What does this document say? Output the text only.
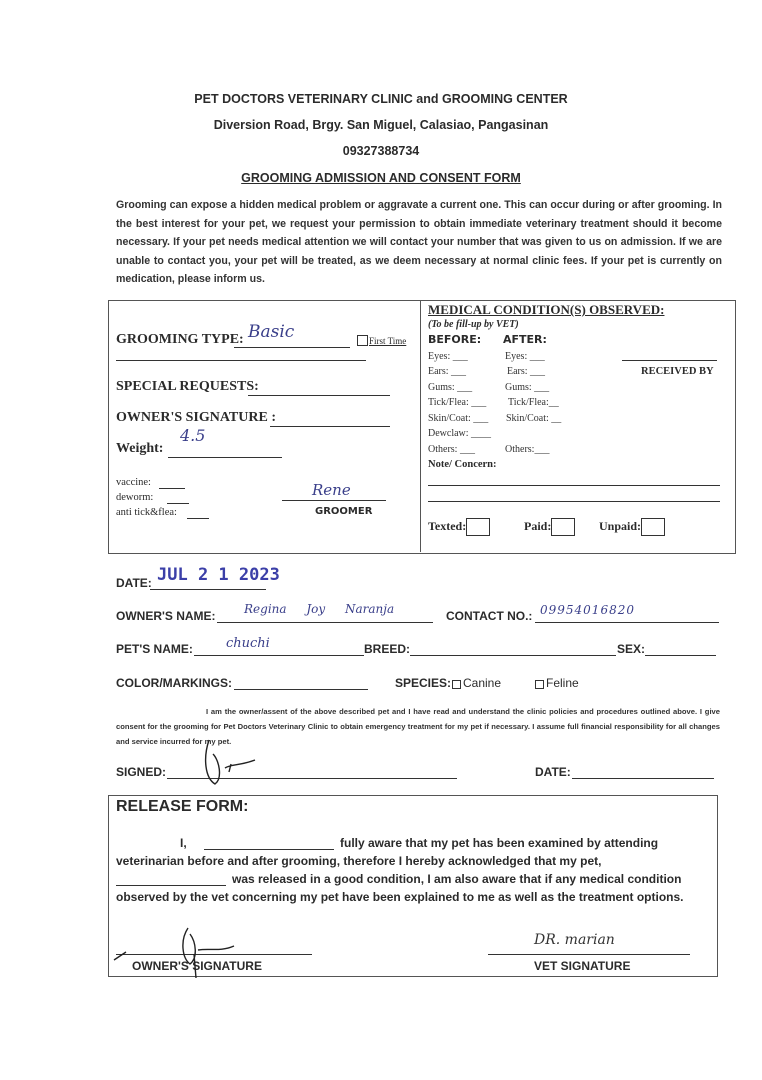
PET DOCTORS VETERINARY CLINIC and GROOMING CENTER
Diversion Road, Brgy. San Miguel, Calasiao, Pangasinan
09327388734
GROOMING ADMISSION AND CONSENT FORM
Grooming can expose a hidden medical problem or aggravate a current one. This can occur during or after grooming. In the best interest for your pet, we request your permission to obtain immediate veterinary treatment should it become necessary. If your pet needs medical attention we will contact your number that was given to us on admission. If we are unable to contact you, your pet will be treated, as we deem necessary at normal clinic fees. If your pet is currently on medication, please inform us.
GROOMING TYPE: Basic	First Time
SPECIAL REQUESTS:
OWNER'S SIGNATURE :
Weight:
4.5
vaccine:
deworm:
anti tick&flea:
Rene
GROOMER
MEDICAL CONDITION(S) OBSERVED:
(To be fill-up by VET)
BEFORE: AFTER:
Eyes: ___	Eyes: ___
Ears: ___	Ears: ___
Gums: ___	Gums: ___
Tick/Flea: ___ Tick/Flea:__
Skin/Coat: ___ Skin/Coat: __
Dewclaw: ____
Others: ___	Others:___
Note/ Concern:
RECEIVED BY
Texted:	Paid:	Unpaid:
DATE: JUL 2 1 2023
OWNER'S NAME: Regina Joy Naranja	CONTACT NO.: 09954016820
PET'S NAME:	chuchi	BREED:	SEX:
COLOR/MARKINGS:	SPECIES: Canine	Feline
I am the owner/assent of the above described pet and I have read and understand the clinic policies and procedures outlined above. I give consent for the grooming for Pet Doctors Veterinary Clinic to obtain emergency treatment for my pet if necessary. I assume full financial responsibility for all changes and service incurred for my pet.
SIGNED:	DATE:
RELEASE FORM:
I,	fully aware that my pet has been examined by attending
veterinarian before and after grooming, therefore I hereby acknowledged that my pet,
was released in a good condition, I am also aware that if any medical condition
observed by the vet concerning my pet have been explained to me as well as the treatment options.
OWNER'S SIGNATURE
DR. marian
VET SIGNATURE
